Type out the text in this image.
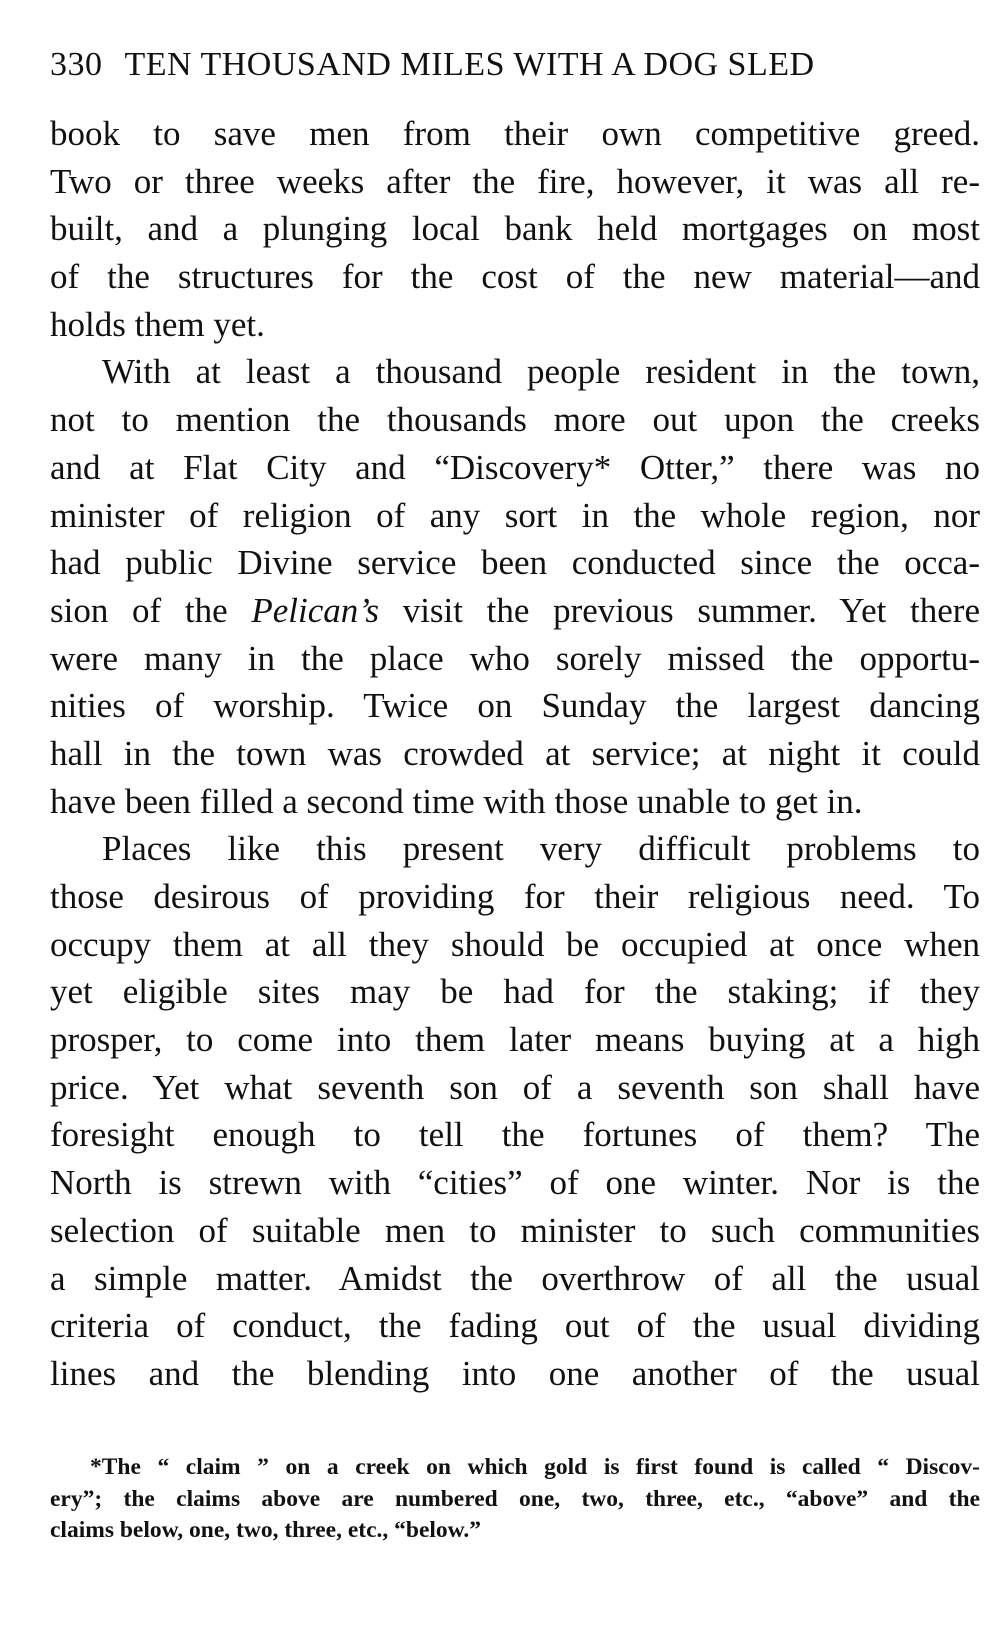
330 TEN THOUSAND MILES WITH A DOG SLED
book to save men from their own competitive greed.
Two or three weeks after the fire, however, it was all re-
built, and a plunging local bank held mortgages on most
of the structures for the cost of the new material—and
holds them yet.
With at least a thousand people resident in the town,
not to mention the thousands more out upon the creeks
and at Flat City and “Discovery* Otter,” there was no
minister of religion of any sort in the whole region, nor
had public Divine service been conducted since the occa-
sion of the Pelican’s visit the previous summer. Yet there
were many in the place who sorely missed the opportu-
nities of worship. Twice on Sunday the largest dancing
hall in the town was crowded at service; at night it could
have been filled a second time with those unable to get in.
Places like this present very difficult problems to
those desirous of providing for their religious need. To
occupy them at all they should be occupied at once when
yet eligible sites may be had for the staking; if they
prosper, to come into them later means buying at a high
price. Yet what seventh son of a seventh son shall have
foresight enough to tell the fortunes of them? The
North is strewn with “cities” of one winter. Nor is the
selection of suitable men to minister to such communities
a simple matter. Amidst the overthrow of all the usual
criteria of conduct, the fading out of the usual dividing
lines and the blending into one another of the usual
*The “ claim ” on a creek on which gold is first found is called “ Discov-
ery”; the claims above are numbered one, two, three, etc., “above” and the
claims below, one, two, three, etc., “below.”
